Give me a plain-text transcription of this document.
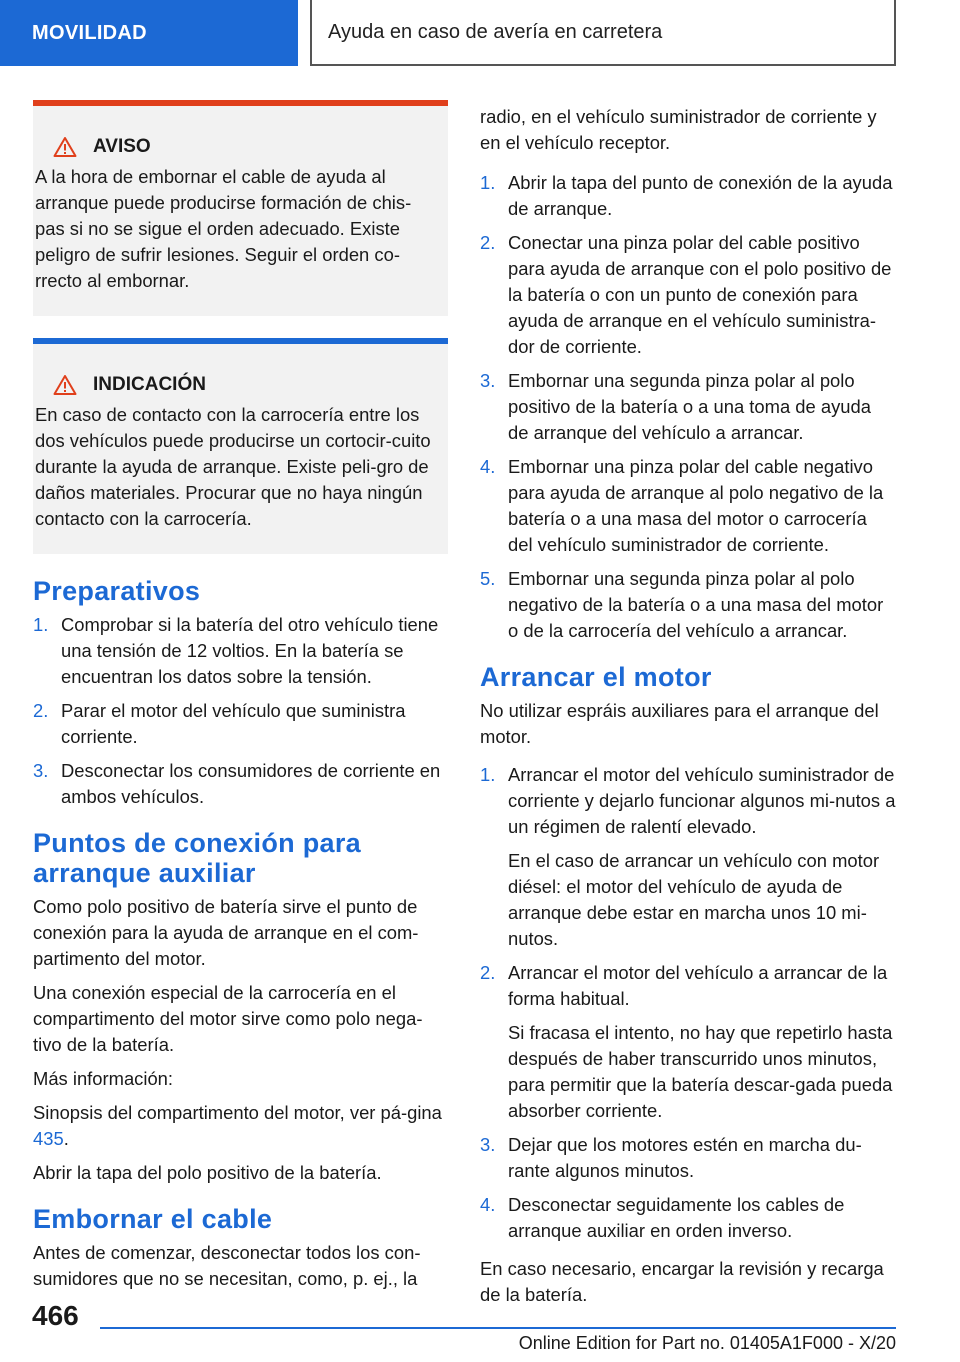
MOVILIDAD	Ayuda en caso de avería en carretera
AVISO

A la hora de embornar el cable de ayuda al arranque puede producirse formación de chis-pas si no se sigue el orden adecuado. Existe peligro de sufrir lesiones. Seguir el orden co-rrecto al embornar.

INDICACIÓN

En caso de contacto con la carrocería entre los dos vehículos puede producirse un cortocir-cuito durante la ayuda de arranque. Existe peli-gro de daños materiales. Procurar que no haya ningún contacto con la carrocería.

Preparativos
1. Comprobar si la batería del otro vehículo tiene una tensión de 12 voltios. En la batería se encuentran los datos sobre la tensión.
2. Parar el motor del vehículo que suministra corriente.
3. Desconectar los consumidores de corriente en ambos vehículos.
Puntos de conexión para arranque auxiliar

Como polo positivo de batería sirve el punto de conexión para la ayuda de arranque en el com-partimento del motor.

Una conexión especial de la carrocería en el compartimento del motor sirve como polo nega-tivo de la batería.

Más información:

Sinopsis del compartimento del motor, ver pá-gina 435.

Abrir la tapa del polo positivo de la batería.

Embornar el cable

Antes de comenzar, desconectar todos los con-sumidores que no se necesitan, como, p. ej., la

radio, en el vehículo suministrador de corriente y en el vehículo receptor.

1. Abrir la tapa del punto de conexión de la ayuda de arranque.
2. Conectar una pinza polar del cable positivo para ayuda de arranque con el polo positivo de la batería o con un punto de conexión para ayuda de arranque en el vehículo suministra-dor de corriente.
3. Embornar una segunda pinza polar al polo positivo de la batería o a una toma de ayuda de arranque del vehículo a arrancar.
4. Embornar una pinza polar del cable negativo para ayuda de arranque al polo negativo de la batería o a una masa del motor o carrocería del vehículo suministrador de corriente.
5. Embornar una segunda pinza polar al polo negativo de la batería o a una masa del motor o de la carrocería del vehículo a arrancar.
Arrancar el motor

No utilizar espráis auxiliares para el arranque del motor.

1. Arrancar el motor del vehículo suministrador de corriente y dejarlo funcionar algunos mi-nutos a un régimen de ralentí elevado.

En el caso de arrancar un vehículo con motor diésel: el motor del vehículo de ayuda de arranque debe estar en marcha unos 10 mi-nutos.

2. Arrancar el motor del vehículo a arrancar de la forma habitual.

Si fracasa el intento, no hay que repetirlo hasta después de haber transcurrido unos minutos, para permitir que la batería descar-gada pueda absorber corriente.

3. Dejar que los motores estén en marcha du-rante algunos minutos.
4. Desconectar seguidamente los cables de arranque auxiliar en orden inverso.

En caso necesario, encargar la revisión y recarga de la batería.

466
Online Edition for Part no. 01405A1F000 - X/20
